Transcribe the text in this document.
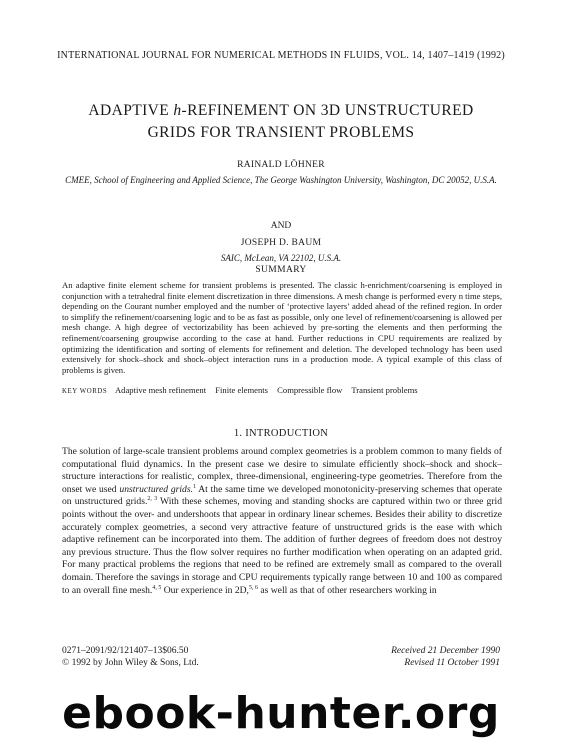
INTERNATIONAL JOURNAL FOR NUMERICAL METHODS IN FLUIDS, VOL. 14, 1407–1419 (1992)
ADAPTIVE h-REFINEMENT ON 3D UNSTRUCTURED
GRIDS FOR TRANSIENT PROBLEMS
RAINALD LÖHNER
CMEE, School of Engineering and Applied Science, The George Washington University, Washington, DC 20052, U.S.A.
AND
JOSEPH D. BAUM
SAIC, McLean, VA 22102, U.S.A.
SUMMARY
An adaptive finite element scheme for transient problems is presented. The classic h-enrichment/coarsening is employed in conjunction with a tetrahedral finite element discretization in three dimensions. A mesh change is performed every n time steps, depending on the Courant number employed and the number of ‘protective layers’ added ahead of the refined region. In order to simplify the refinement/coarsening logic and to be as fast as possible, only one level of refinement/coarsening is allowed per mesh change. A high degree of vectorizability has been achieved by pre-sorting the elements and then performing the refinement/coarsening groupwise according to the case at hand. Further reductions in CPU requirements are realized by optimizing the identification and sorting of elements for refinement and deletion. The developed technology has been used extensively for shock–shock and shock–object interaction runs in a production mode. A typical example of this class of problems is given.
KEY WORDS Adaptive mesh refinement Finite elements Compressible flow Transient problems
1. INTRODUCTION
The solution of large-scale transient problems around complex geometries is a problem common to many fields of computational fluid dynamics. In the present case we desire to simulate efficiently shock–shock and shock–structure interactions for realistic, complex, three-dimensional, engineering-type geometries. Therefore from the onset we used unstructured grids.$^1$ At the same time we developed monotonicity-preserving schemes that operate on unstructured grids.$^{2, 3}$ With these schemes, moving and standing shocks are captured within two or three grid points without the over- and undershoots that appear in ordinary linear schemes. Besides their ability to discretize accurately complex geometries, a second very attractive feature of unstructured grids is the ease with which adaptive refinement can be incorporated into them. The addition of further degrees of freedom does not destroy any previous structure. Thus the flow solver requires no further modification when operating on an adapted grid. For many practical problems the regions that need to be refined are extremely small as compared to the overall domain. Therefore the savings in storage and CPU requirements typically range between 10 and 100 as compared to an overall fine mesh.$^{4, 5}$ Our experience in 2D,$^{5, 6}$ as well as that of other researchers working in
0271–2091/92/121407–13$06.50
© 1992 by John Wiley & Sons, Ltd.
Received 21 December 1990
Revised 11 October 1991
ebook-hunter.org
